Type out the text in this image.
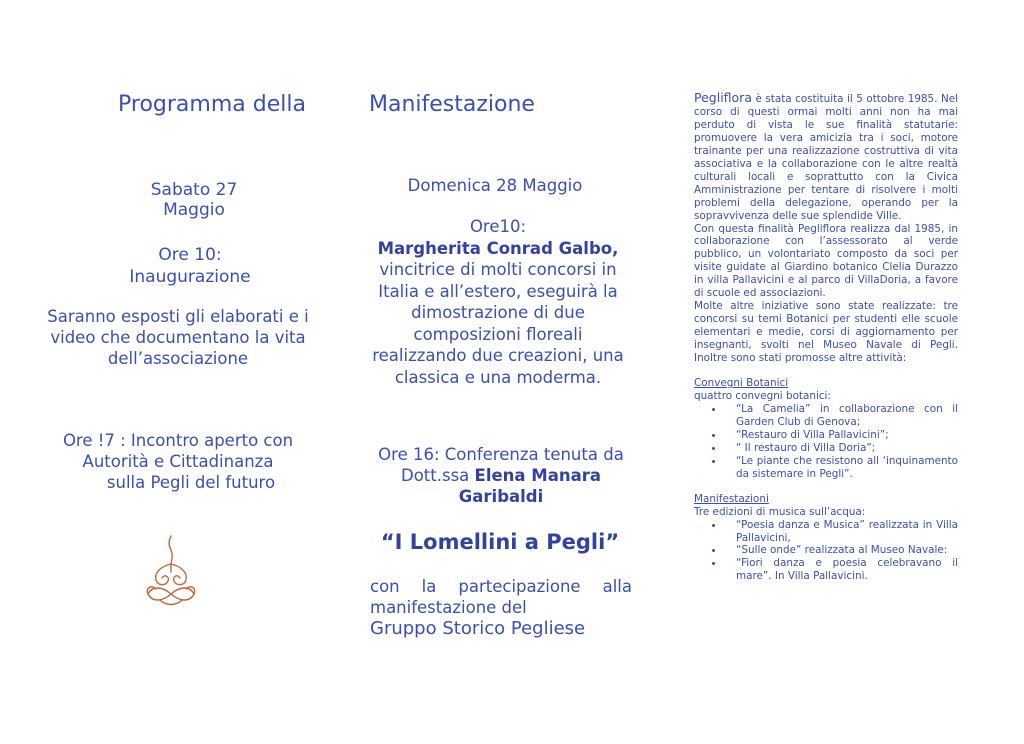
Programma della
Sabato 27 Maggio
Ore 10:
Inaugurazione
Saranno esposti gli elaborati e i video che documentano la vita dell’associazione
Ore !7 : Incontro aperto con
Autorità e Cittadinanza
sulla Pegli del futuro
Manifestazione
Domenica 28 Maggio
Ore10:
Margherita Conrad Galbo,
vincitrice di molti concorsi in Italia e all’estero, eseguirà la dimostrazione di due composizioni floreali realizzando due creazioni, una classica e una moderma.
Ore 16: Conferenza tenuta da Dott.ssa Elena Manara Garibaldi
“I Lomellini a Pegli”
con la partecipazione alla
manifestazione del
Gruppo Storico Pegliese

Pegliflora è stata costituita il 5 ottobre 1985. Nel corso di questi ormai molti anni non ha mai perduto di vista le sue finalità statutarie: promuovere la vera amicizia tra i soci, motore trainante per una realizzazione costruttiva di vita associativa e la collaborazione con le altre realtà culturali locali e soprattutto con la Civica Amministrazione per tentare di risolvere i molti problemi della delegazione, operando per la sopravvivenza delle sue splendide Ville.

Con questa finalità Pegliflora realizza dal 1985, in collaborazione con l’assessorato al verde pubblico, un volontariato composto da soci per visite guidate al Giardino botanico Clelia Durazzo in villa Pallavicini e al parco di VillaDoria, a favore di scuole ed associazioni.

Molte altre iniziative sono state realizzate: tre concorsi su temi Botanici per studenti elle scuole elementari e medie, corsi di aggiornamento per insegnanti, svolti nel Museo Navale di Pegli. Inoltre sono stati promosse altre attività:

Convegni Botanici

quattro convegni botanici:

• “La Camelia” in collaborazione con il Garden Club di Genova;
• “Restauro di Villa Pallavicini”;
• “ Il restauro di Villa Doria”;
• “Le piante che resistono all ‘inquinamento da sistemare in Pegli”.

Manifestazioni

Tre edizioni di musica sull’acqua:

• “Poesia danza e Musica” realizzata in Villa Pallavicini,
• “Sulle onde” realizzata al Museo Navale:
• “Fiori danza e poesia celebravano il mare”. In Villa Pallavicini.
